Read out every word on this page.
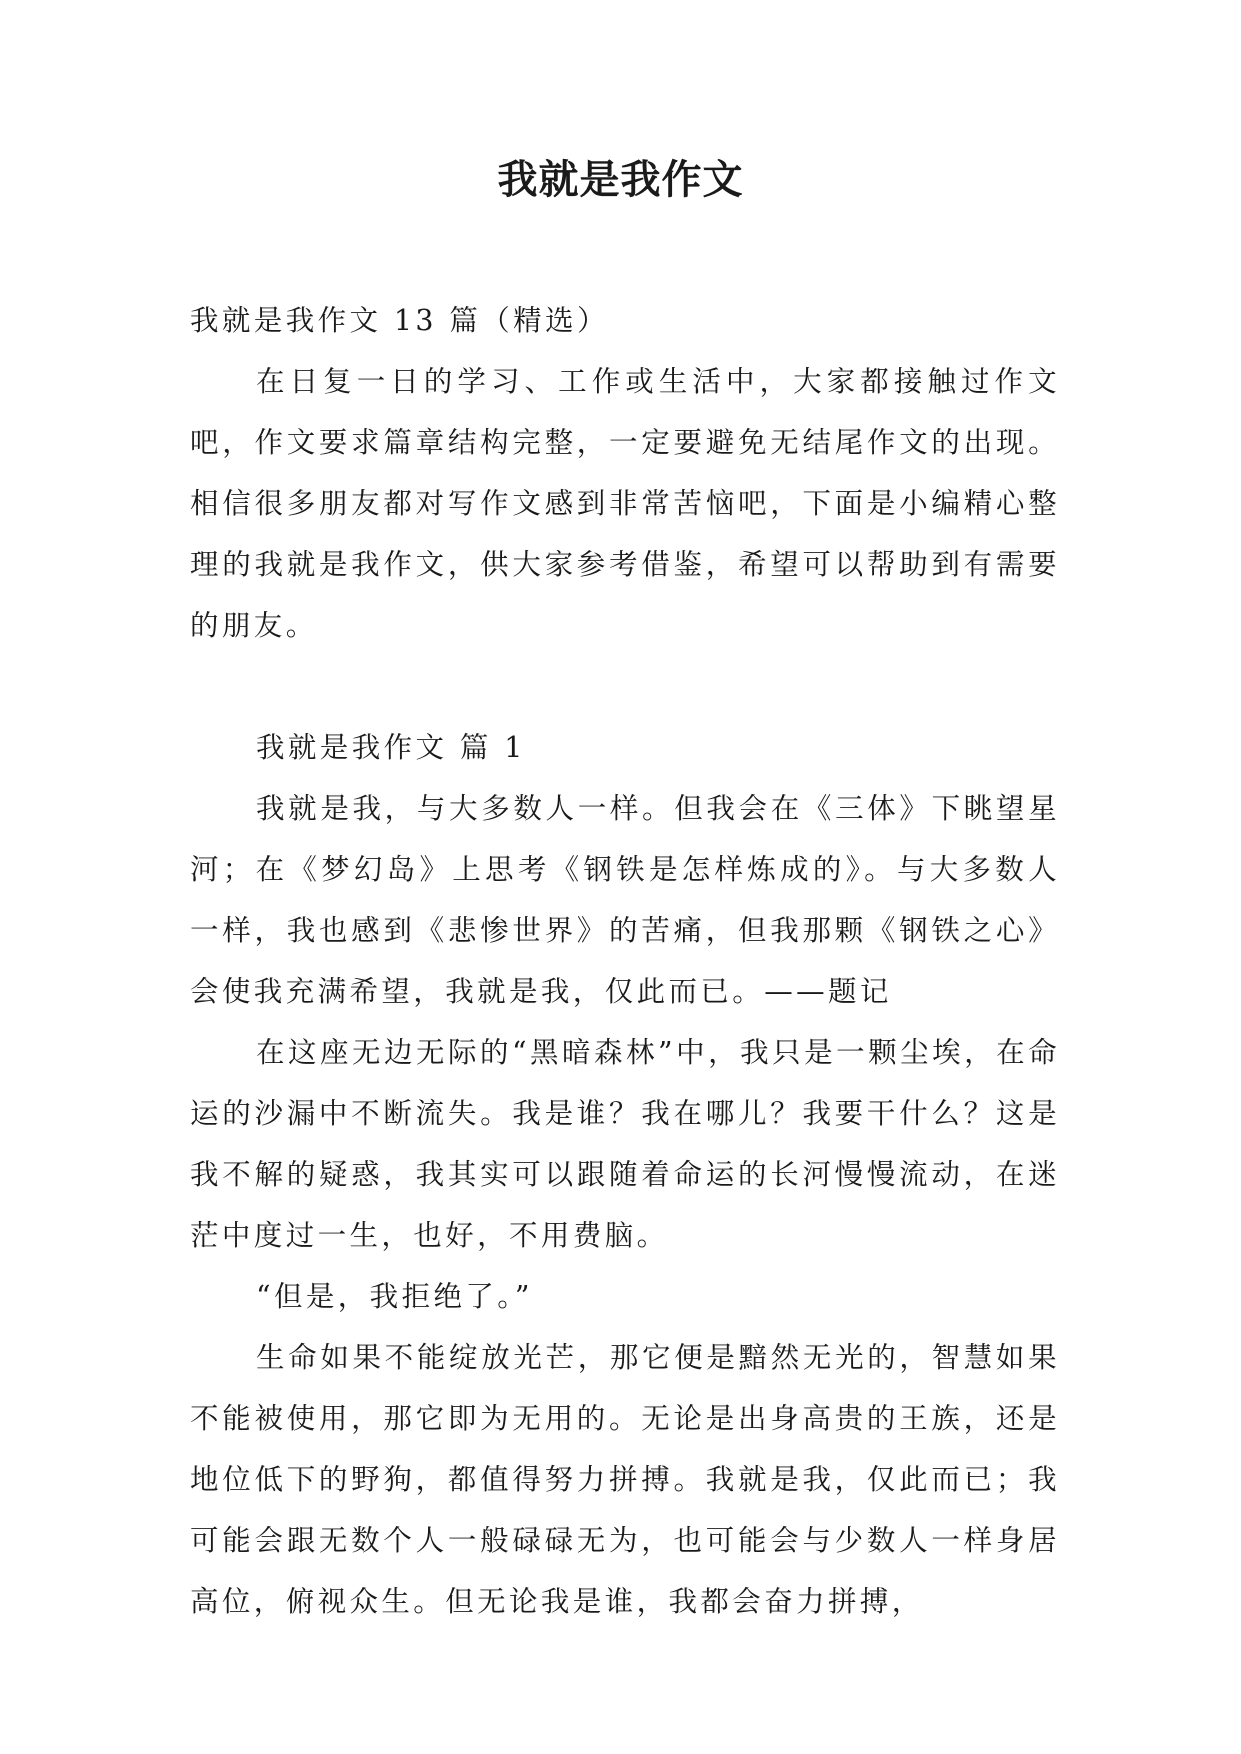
我就是我作文

我就是我作文 13 篇（精选）

在日复一日的学习、工作或生活中，大家都接触过作文吧，作文要求篇章结构完整，一定要避免无结尾作文的出现。相信很多朋友都对写作文感到非常苦恼吧，下面是小编精心整理的我就是我作文，供大家参考借鉴，希望可以帮助到有需要的朋友。

我就是我作文 篇 1

我就是我，与大多数人一样。但我会在《三体》下眺望星河；在《梦幻岛》上思考《钢铁是怎样炼成的》。与大多数人一样，我也感到《悲惨世界》的苦痛，但我那颗《钢铁之心》会使我充满希望，我就是我，仅此而已。——题记

在这座无边无际的“黑暗森林”中，我只是一颗尘埃，在命运的沙漏中不断流失。我是谁？我在哪儿？我要干什么？这是我不解的疑惑，我其实可以跟随着命运的长河慢慢流动，在迷茫中度过一生，也好，不用费脑。

“但是，我拒绝了。”

生命如果不能绽放光芒，那它便是黯然无光的，智慧如果不能被使用，那它即为无用的。无论是出身高贵的王族，还是地位低下的野狗，都值得努力拼搏。我就是我，仅此而已；我可能会跟无数个人一般碌碌无为，也可能会与少数人一样身居高位，俯视众生。但无论我是谁，我都会奋力拼搏，
